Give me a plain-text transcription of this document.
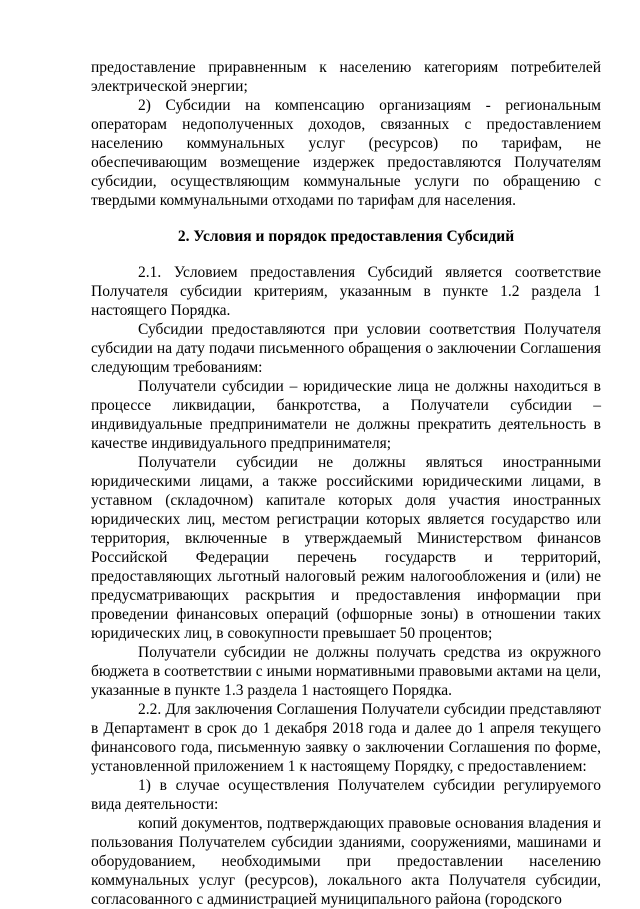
предоставление приравненным к населению категориям потребителей электрической энергии;

2) Субсидии на компенсацию организациям - региональным операторам недополученных доходов, связанных с предоставлением населению коммунальных услуг (ресурсов) по тарифам, не обеспечивающим возмещение издержек предоставляются Получателям субсидии, осуществляющим коммунальные услуги по обращению с твердыми коммунальными отходами по тарифам для населения.

2. Условия и порядок предоставления Субсидий

2.1. Условием предоставления Субсидий является соответствие Получателя субсидии критериям, указанным в пункте 1.2 раздела 1 настоящего Порядка.

Субсидии предоставляются при условии соответствия Получателя субсидии на дату подачи письменного обращения о заключении Соглашения следующим требованиям:

Получатели субсидии – юридические лица не должны находиться в процессе ликвидации, банкротства, а Получатели субсидии – индивидуальные предприниматели не должны прекратить деятельность в качестве индивидуального предпринимателя;

Получатели субсидии не должны являться иностранными юридическими лицами, а также российскими юридическими лицами, в уставном (складочном) капитале которых доля участия иностранных юридических лиц, местом регистрации которых является государство или территория, включенные в утверждаемый Министерством финансов Российской Федерации перечень государств и территорий, предоставляющих льготный налоговый режим налогообложения и (или) не предусматривающих раскрытия и предоставления информации при проведении финансовых операций (офшорные зоны) в отношении таких юридических лиц, в совокупности превышает 50 процентов;

Получатели субсидии не должны получать средства из окружного бюджета в соответствии с иными нормативными правовыми актами на цели, указанные в пункте 1.3 раздела 1 настоящего Порядка.

2.2. Для заключения Соглашения Получатели субсидии представляют в Департамент в срок до 1 декабря 2018 года и далее до 1 апреля текущего финансового года, письменную заявку о заключении Соглашения по форме, установленной приложением 1 к настоящему Порядку, с предоставлением:

1) в случае осуществления Получателем субсидии регулируемого вида деятельности:

копий документов, подтверждающих правовые основания владения и пользования Получателем субсидии зданиями, сооружениями, машинами и оборудованием, необходимыми при предоставлении населению коммунальных услуг (ресурсов), локального акта Получателя субсидии, согласованного с администрацией муниципального района (городского
